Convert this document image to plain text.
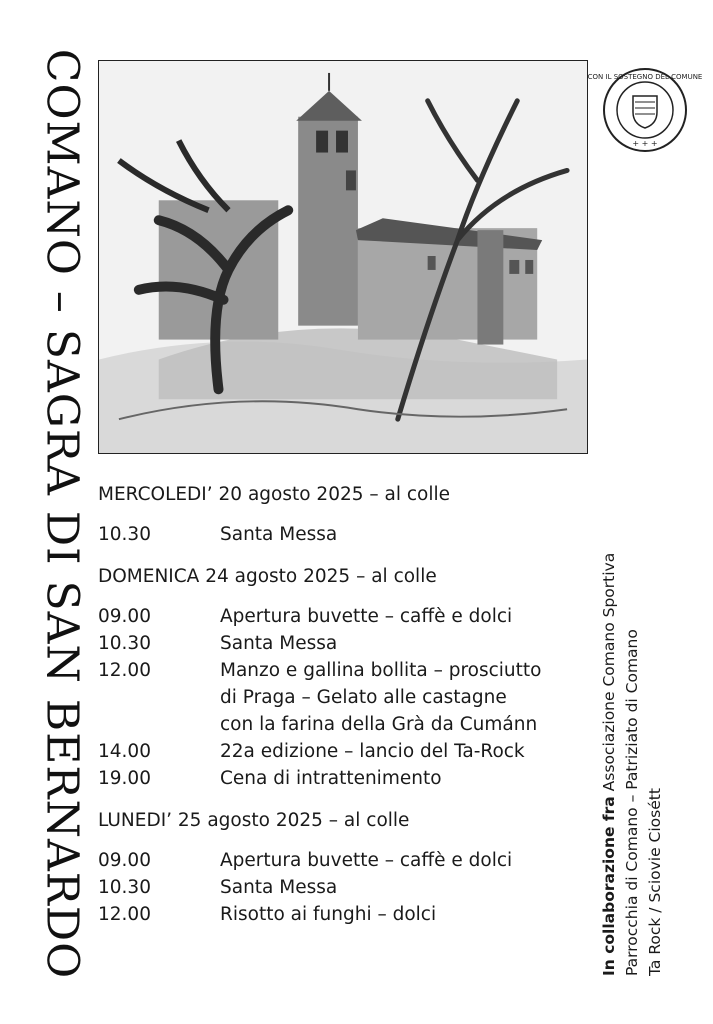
COMANO – SAGRA DI SAN BERNARDO	CON IL SOSTEGNO DEL COMUNE
+ + +
MERCOLEDI’ 20 agosto 2025 – al colle
10.30	Santa Messa
DOMENICA 24 agosto 2025 – al colle
09.00	Apertura buvette – caffè e dolci
10.30	Santa Messa
12.00	Manzo e gallina bollita – prosciutto
di Praga – Gelato alle castagne
con la farina della Grà da Cumánn
14.00	22a edizione – lancio del Ta-Rock
19.00	Cena di intrattenimento
LUNEDI’ 25 agosto 2025 – al colle
09.00	Apertura buvette – caffè e dolci
10.30	Santa Messa
12.00	Risotto ai funghi – dolci	In collaborazione fra Associazione Comano Sportiva Parrocchia di Comano – Patriziato di Comano Ta Rock / Sciovie Ciosétt
